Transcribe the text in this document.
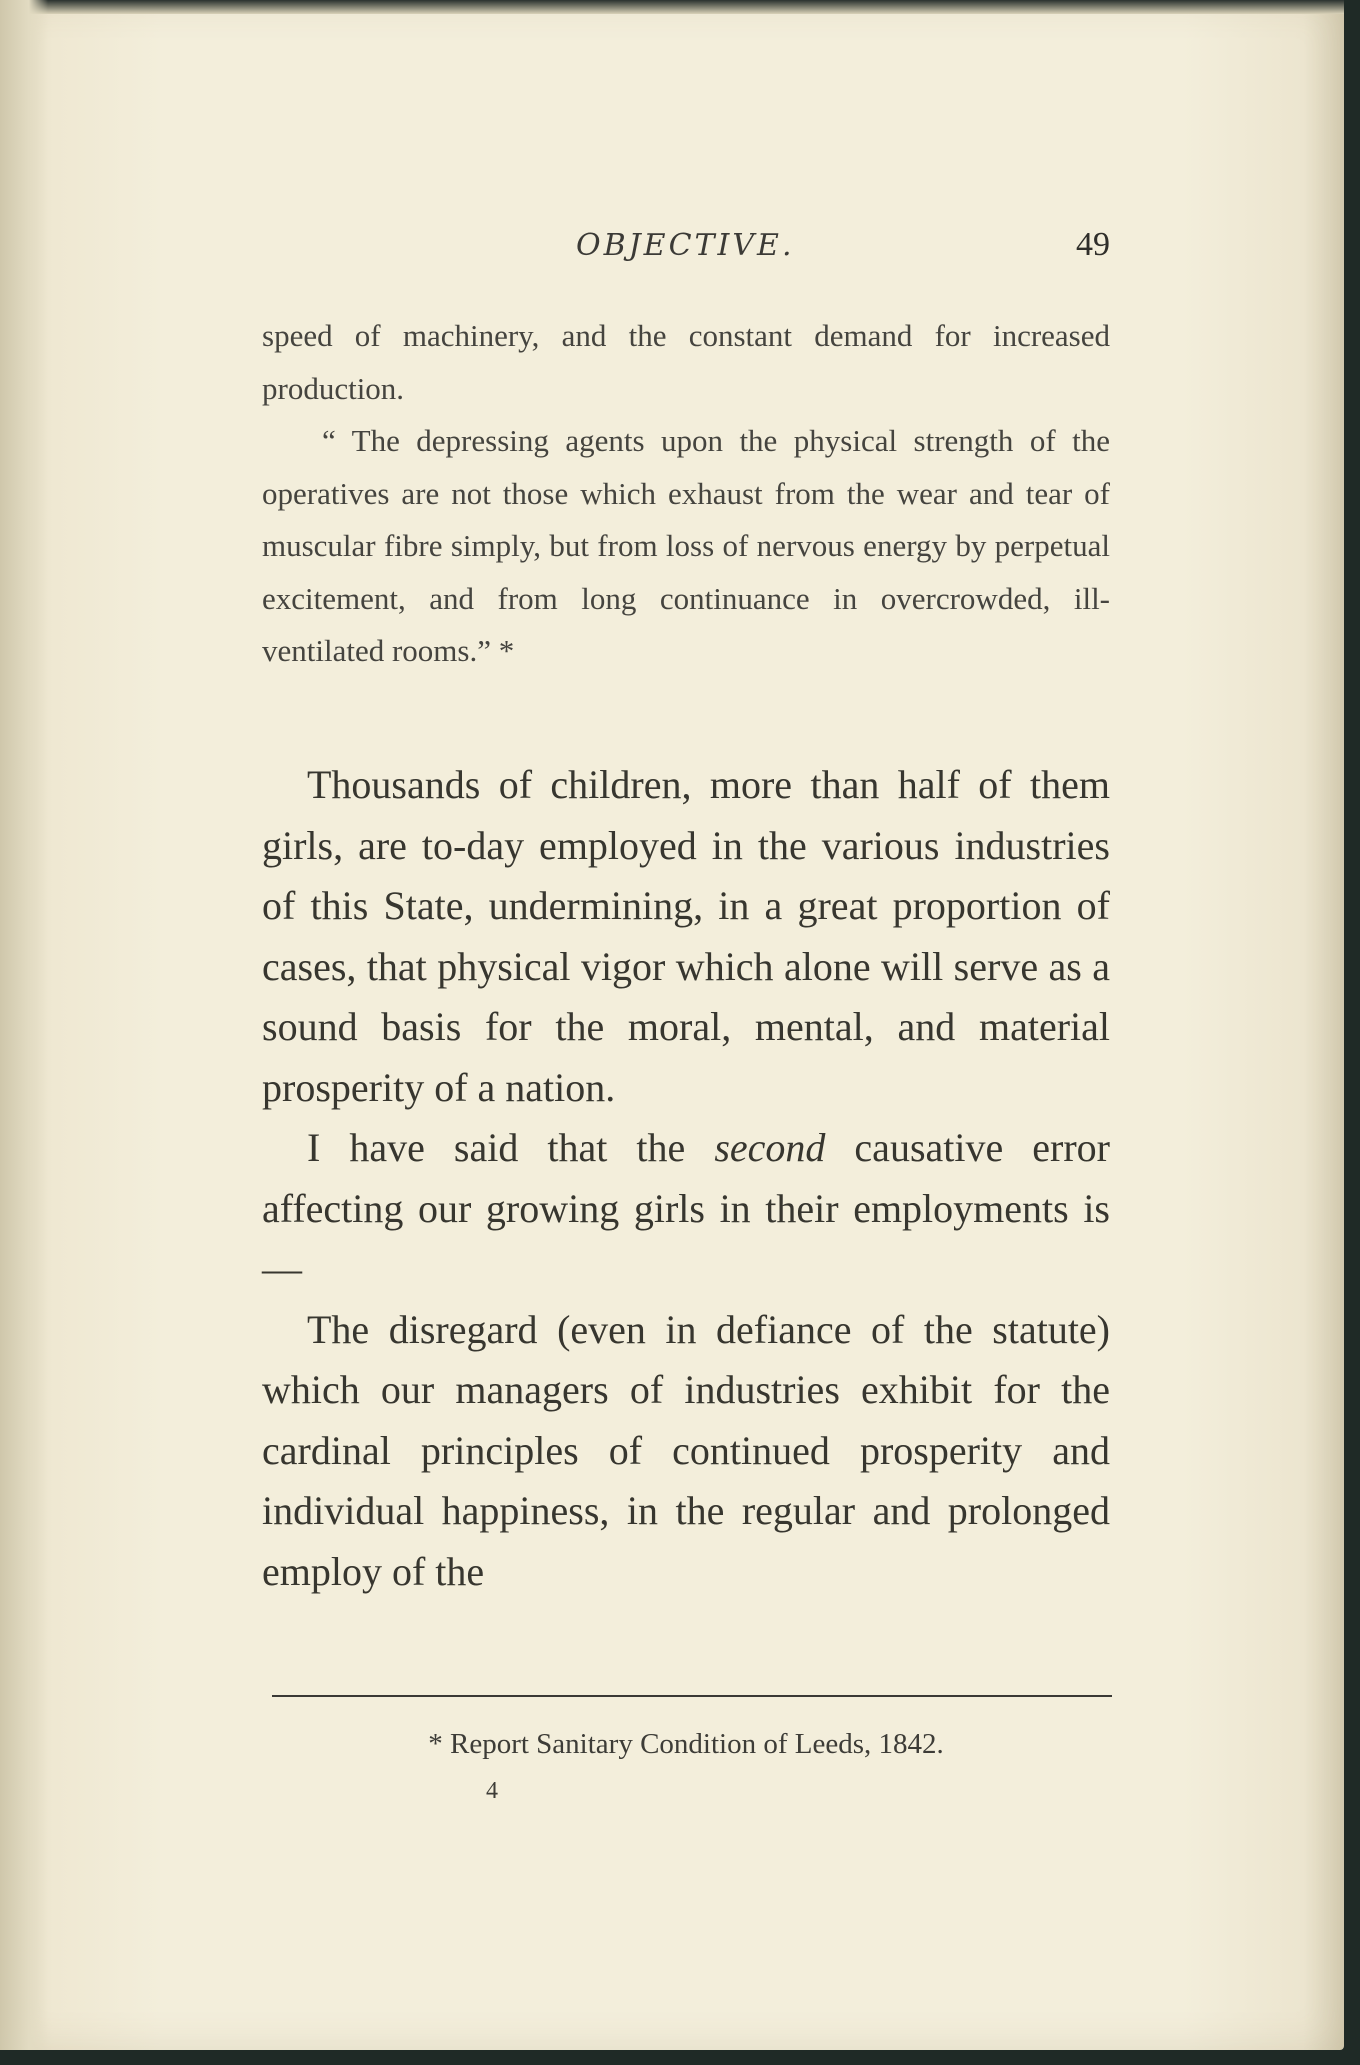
OBJECTIVE.	49

speed of machinery, and the constant demand for increased production.

“ The depressing agents upon the physical strength of the operatives are not those which exhaust from the wear and tear of muscular fibre simply, but from loss of nervous energy by perpetual excitement, and from long continuance in overcrowded, ill-ventilated rooms.” *

Thousands of children, more than half of them girls, are to-day employed in the various industries of this State, undermining, in a great proportion of cases, that physical vigor which alone will serve as a sound basis for the moral, mental, and material prosperity of a nation.

I have said that the second causative error affecting our growing girls in their employments is —

The disregard (even in defiance of the statute) which our managers of industries exhibit for the cardinal principles of continued prosperity and individual happiness, in the regular and prolonged employ of the

* Report Sanitary Condition of Leeds, 1842.
4
